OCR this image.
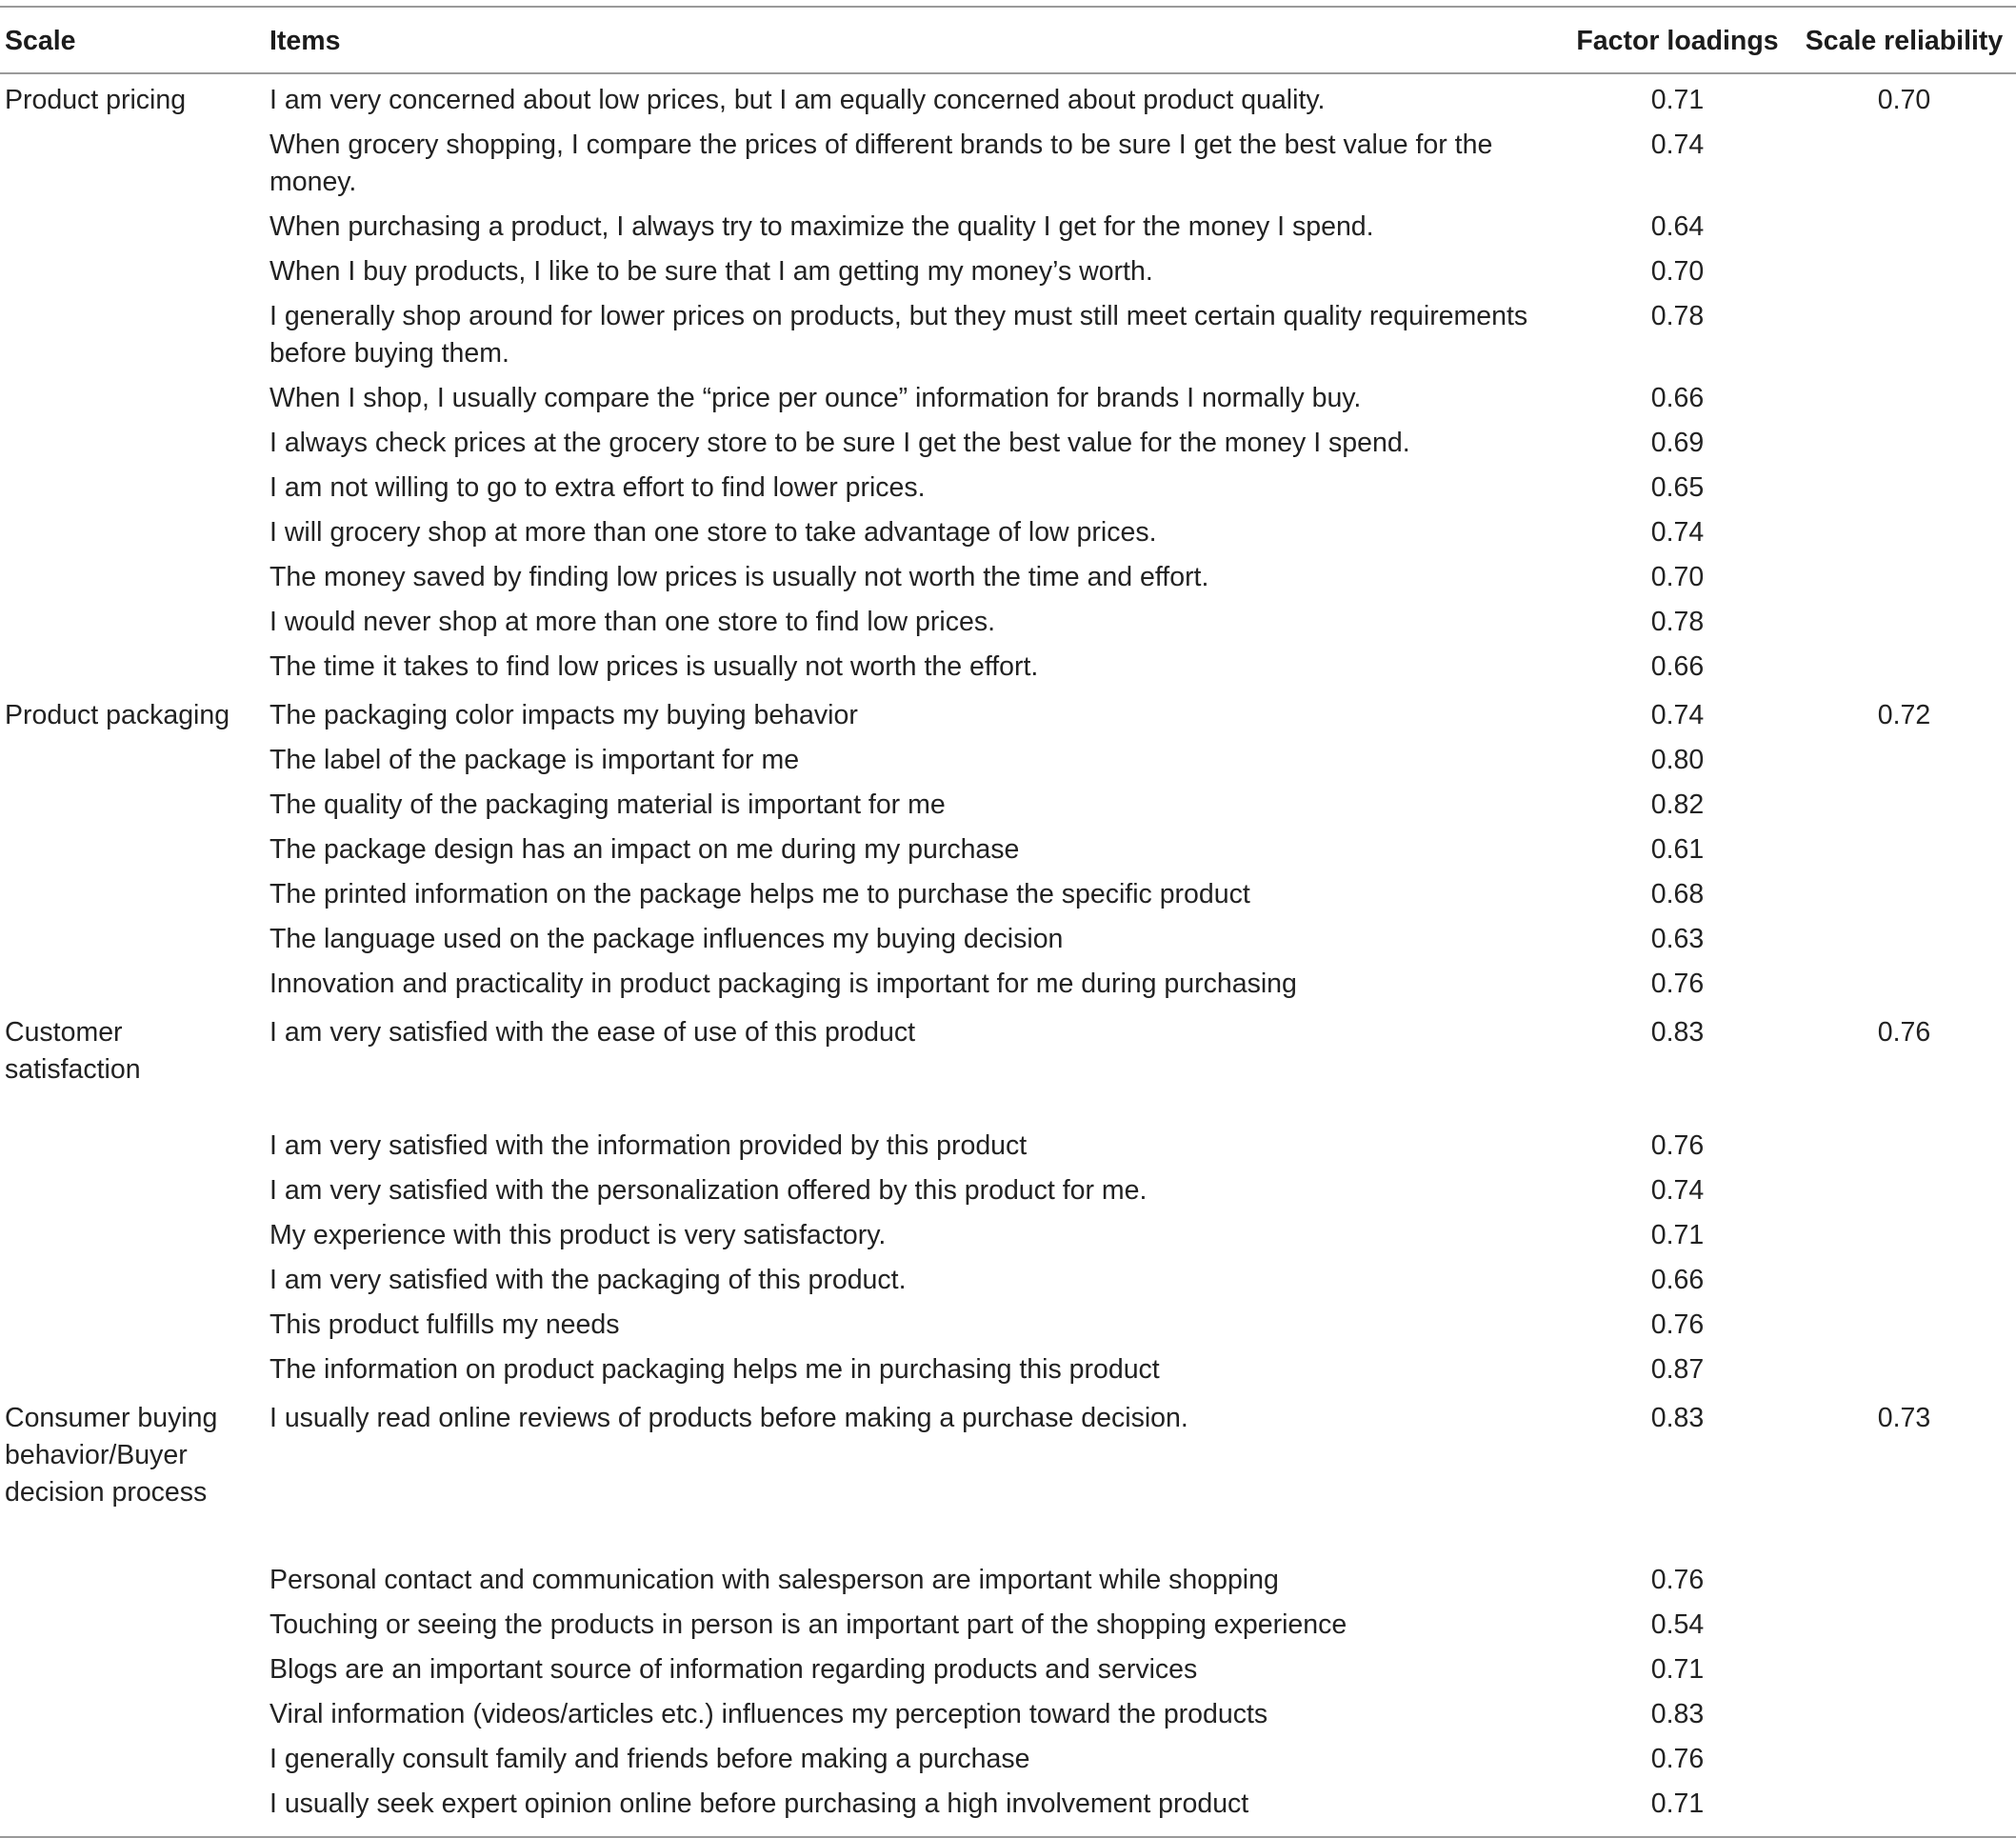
Scale	Items	Factor loadings	Scale reliability
Product pricing	I am very concerned about low prices, but I am equally concerned about product quality.	0.71	0.70
	When grocery shopping, I compare the prices of different brands to be sure I get the best value for the money.	0.74	
	When purchasing a product, I always try to maximize the quality I get for the money I spend.	0.64	
	When I buy products, I like to be sure that I am getting my money’s worth.	0.70	
	I generally shop around for lower prices on products, but they must still meet certain quality requirements before buying them.	0.78	
	When I shop, I usually compare the “price per ounce” information for brands I normally buy.	0.66	
	I always check prices at the grocery store to be sure I get the best value for the money I spend.	0.69	
	I am not willing to go to extra effort to find lower prices.	0.65	
	I will grocery shop at more than one store to take advantage of low prices.	0.74	
	The money saved by finding low prices is usually not worth the time and effort.	0.70	
	I would never shop at more than one store to find low prices.	0.78	
	The time it takes to find low prices is usually not worth the effort.	0.66	
Product packaging	The packaging color impacts my buying behavior	0.74	0.72
	The label of the package is important for me	0.80	
	The quality of the packaging material is important for me	0.82	
	The package design has an impact on me during my purchase	0.61	
	The printed information on the package helps me to purchase the specific product	0.68	
	The language used on the package influences my buying decision	0.63	
	Innovation and practicality in product packaging is important for me during purchasing	0.76	
Customer satisfaction	I am very satisfied with the ease of use of this product	0.83	0.76
	I am very satisfied with the information provided by this product	0.76	
	I am very satisfied with the personalization offered by this product for me.	0.74	
	My experience with this product is very satisfactory.	0.71	
	I am very satisfied with the packaging of this product.	0.66	
	This product fulfills my needs	0.76	
	The information on product packaging helps me in purchasing this product	0.87	
Consumer buying behavior/Buyer decision process	I usually read online reviews of products before making a purchase decision.	0.83	0.73
	Personal contact and communication with salesperson are important while shopping	0.76	
	Touching or seeing the products in person is an important part of the shopping experience	0.54	
	Blogs are an important source of information regarding products and services	0.71	
	Viral information (videos/articles etc.) influences my perception toward the products	0.83	
	I generally consult family and friends before making a purchase	0.76	
	I usually seek expert opinion online before purchasing a high involvement product	0.71	
